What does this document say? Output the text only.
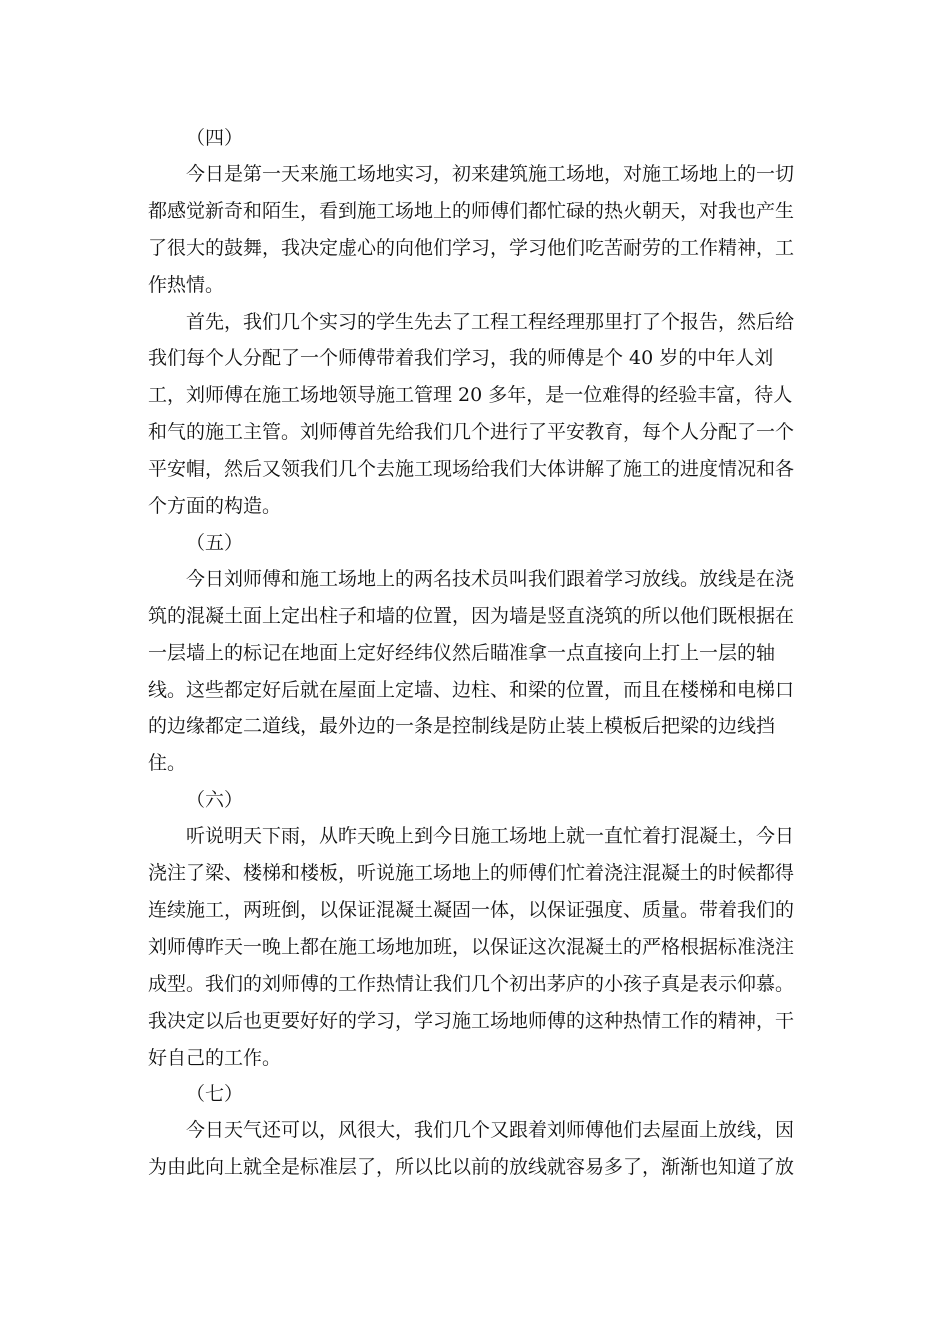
（四）

今日是第一天来施工场地实习，初来建筑施工场地，对施工场地上的一切

都感觉新奇和陌生，看到施工场地上的师傅们都忙碌的热火朝天，对我也产生

了很大的鼓舞，我决定虚心的向他们学习，学习他们吃苦耐劳的工作精神，工

作热情。

首先，我们几个实习的学生先去了工程工程经理那里打了个报告，然后给

我们每个人分配了一个师傅带着我们学习，我的师傅是个 40 岁的中年人刘

工，刘师傅在施工场地领导施工管理 20 多年，是一位难得的经验丰富，待人

和气的施工主管。刘师傅首先给我们几个进行了平安教育，每个人分配了一个

平安帽，然后又领我们几个去施工现场给我们大体讲解了施工的进度情况和各

个方面的构造。

（五）

今日刘师傅和施工场地上的两名技术员叫我们跟着学习放线。放线是在浇

筑的混凝土面上定出柱子和墙的位置，因为墙是竖直浇筑的所以他们既根据在

一层墙上的标记在地面上定好经纬仪然后瞄准拿一点直接向上打上一层的轴

线。这些都定好后就在屋面上定墙、边柱、和梁的位置，而且在楼梯和电梯口

的边缘都定二道线，最外边的一条是控制线是防止装上模板后把梁的边线挡

住。

（六）

听说明天下雨，从昨天晚上到今日施工场地上就一直忙着打混凝土，今日

浇注了梁、楼梯和楼板，听说施工场地上的师傅们忙着浇注混凝土的时候都得

连续施工，两班倒，以保证混凝土凝固一体，以保证强度、质量。带着我们的

刘师傅昨天一晚上都在施工场地加班，以保证这次混凝土的严格根据标准浇注

成型。我们的刘师傅的工作热情让我们几个初出茅庐的小孩子真是表示仰慕。

我决定以后也更要好好的学习，学习施工场地师傅的这种热情工作的精神，干

好自己的工作。

（七）

今日天气还可以，风很大，我们几个又跟着刘师傅他们去屋面上放线，因

为由此向上就全是标准层了，所以比以前的放线就容易多了，渐渐也知道了放
